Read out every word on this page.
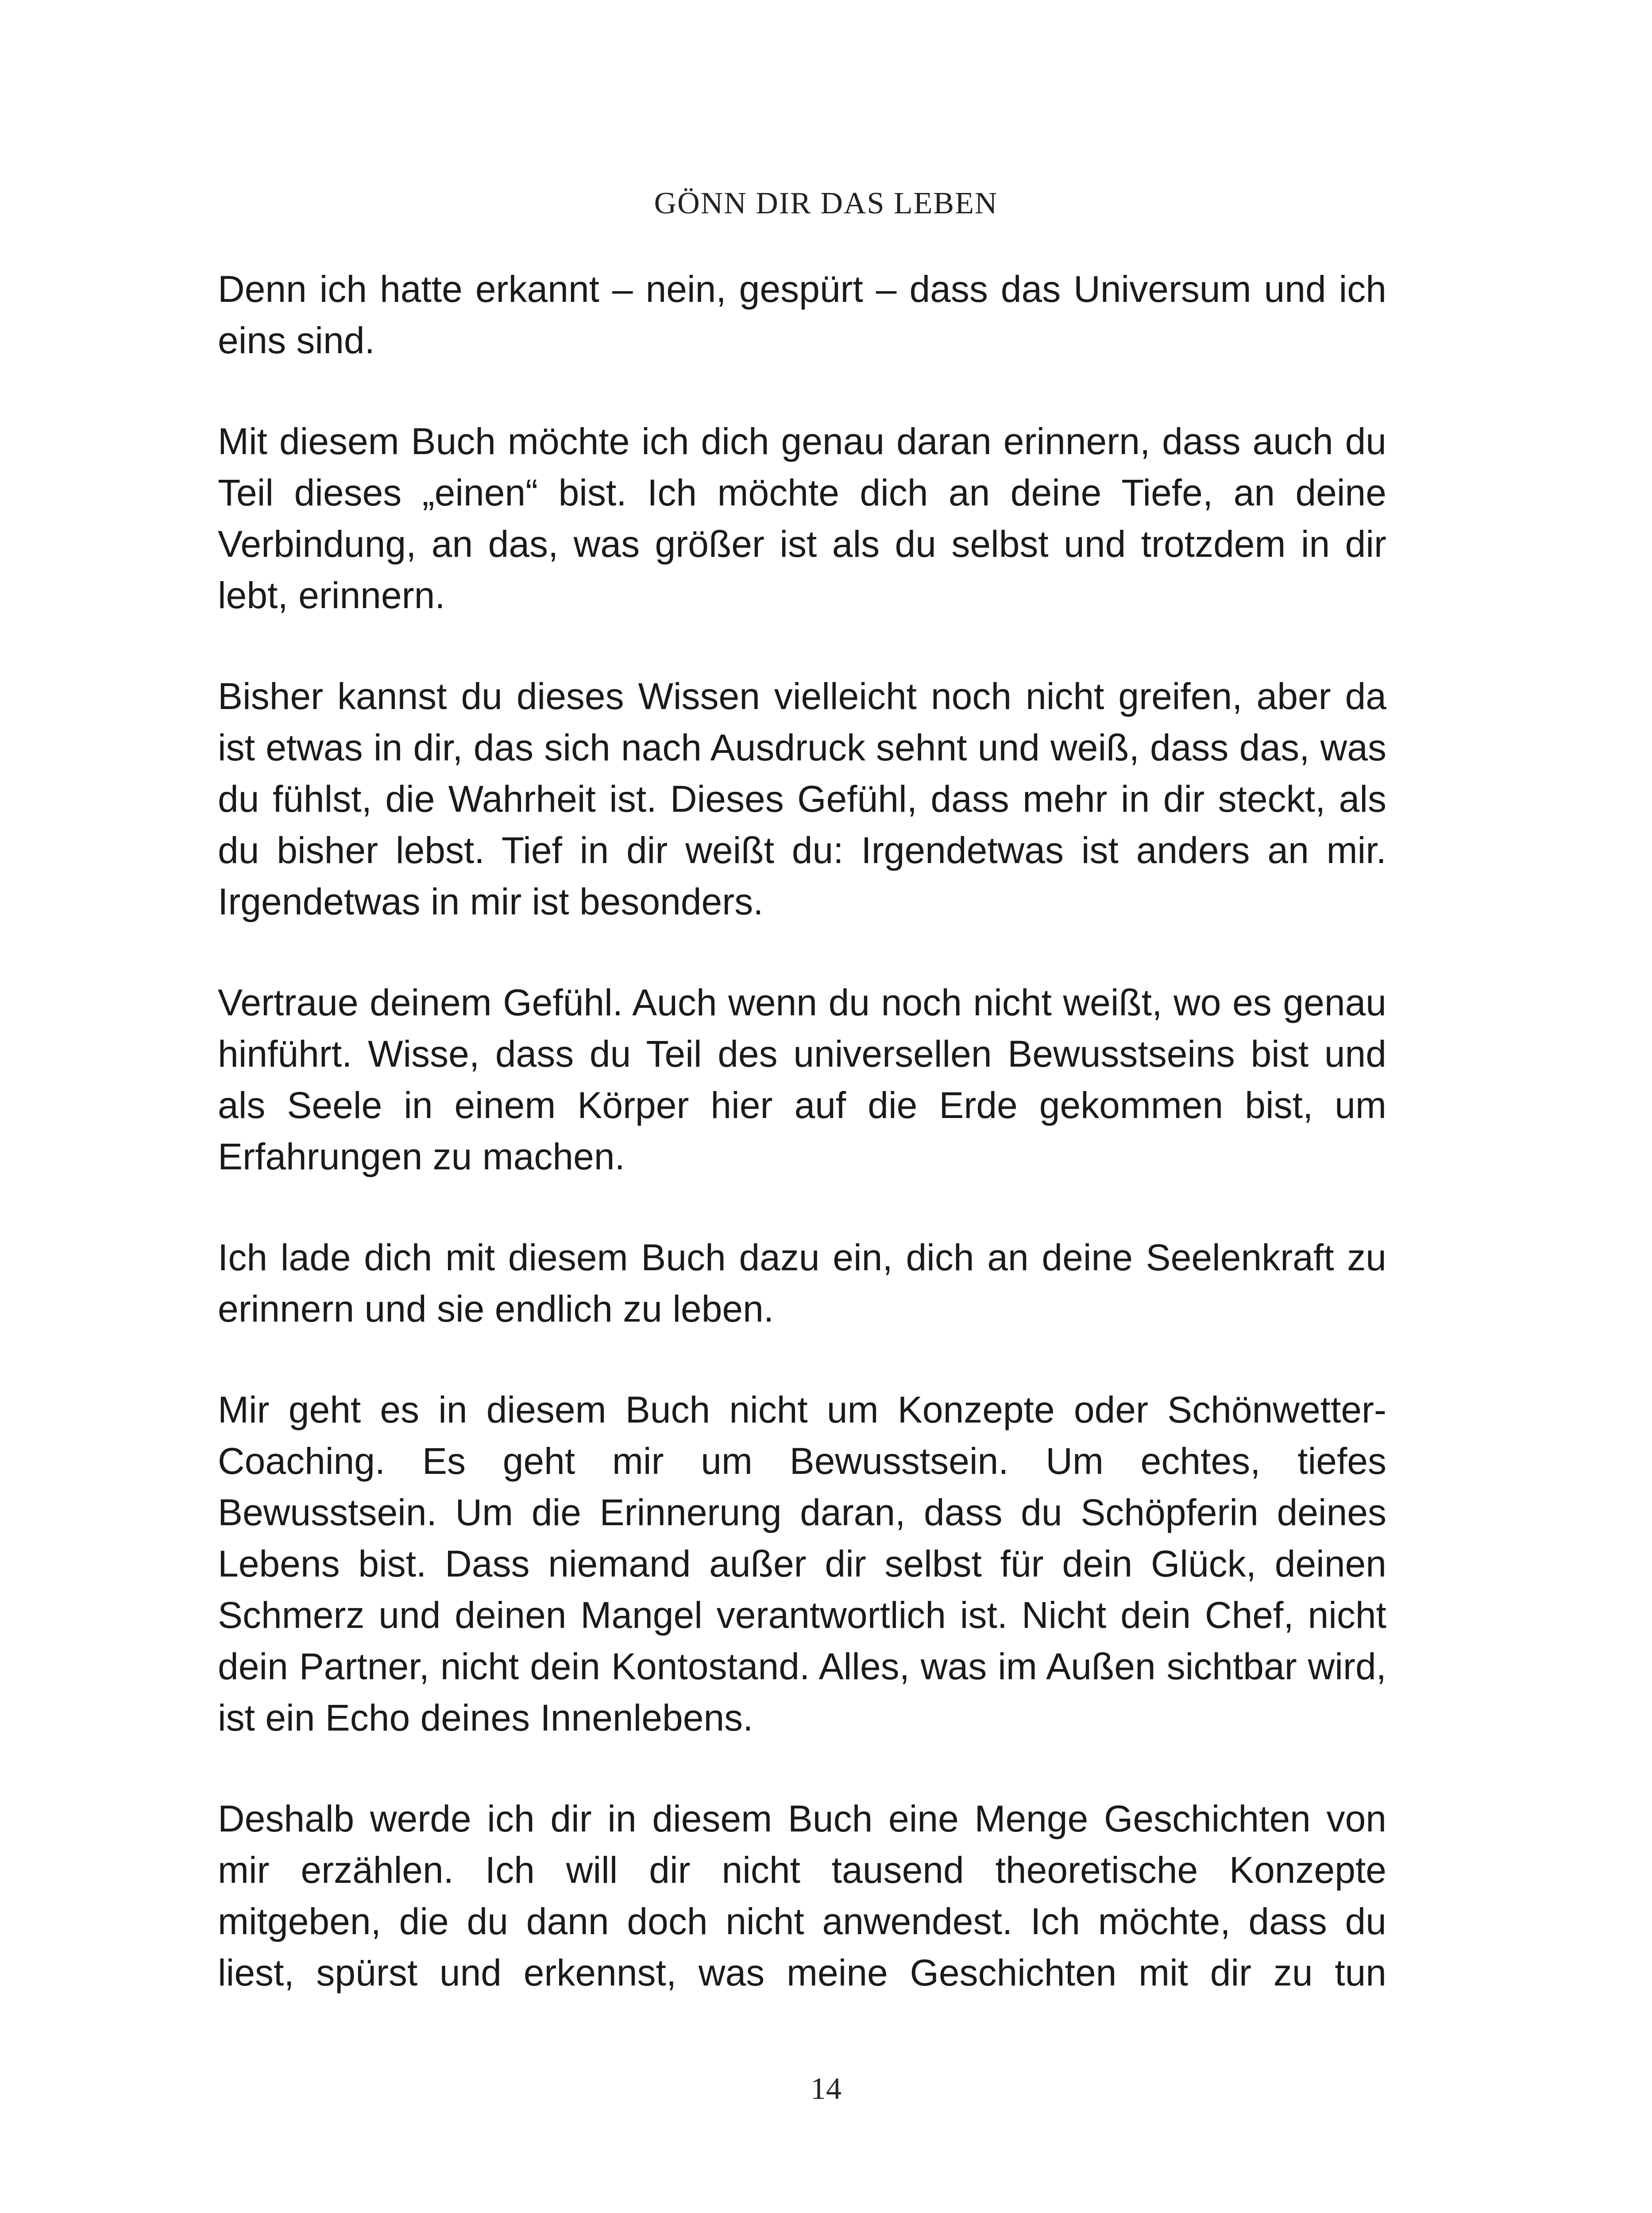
GÖNN DIR DAS LEBEN

Denn ich hatte erkannt – nein, gespürt – dass das Universum und ich eins sind.

Mit diesem Buch möchte ich dich genau daran erinnern, dass auch du Teil dieses „einen“ bist. Ich möchte dich an deine Tiefe, an deine Verbindung, an das, was größer ist als du selbst und trotzdem in dir lebt, erinnern.

Bisher kannst du dieses Wissen vielleicht noch nicht greifen, aber da ist etwas in dir, das sich nach Ausdruck sehnt und weiß, dass das, was du fühlst, die Wahrheit ist. Dieses Gefühl, dass mehr in dir steckt, als du bisher lebst. Tief in dir weißt du: Irgendetwas ist anders an mir. Irgendetwas in mir ist besonders.

Vertraue deinem Gefühl. Auch wenn du noch nicht weißt, wo es genau hinführt. Wisse, dass du Teil des universellen Bewusstseins bist und als Seele in einem Körper hier auf die Erde gekommen bist, um Erfahrungen zu machen.

Ich lade dich mit diesem Buch dazu ein, dich an deine Seelenkraft zu erinnern und sie endlich zu leben.

Mir geht es in diesem Buch nicht um Konzepte oder Schönwetter-Coaching. Es geht mir um Bewusstsein. Um echtes, tiefes Bewusstsein. Um die Erinnerung daran, dass du Schöpferin deines Lebens bist. Dass niemand außer dir selbst für dein Glück, deinen Schmerz und deinen Mangel verantwortlich ist. Nicht dein Chef, nicht dein Partner, nicht dein Kontostand. Alles, was im Außen sichtbar wird, ist ein Echo deines Innenlebens.

Deshalb werde ich dir in diesem Buch eine Menge Geschichten von mir erzählen. Ich will dir nicht tausend theoretische Konzepte mitgeben, die du dann doch nicht anwendest. Ich möchte, dass du liest, spürst und erkennst, was meine Geschichten mit dir zu tun

14
